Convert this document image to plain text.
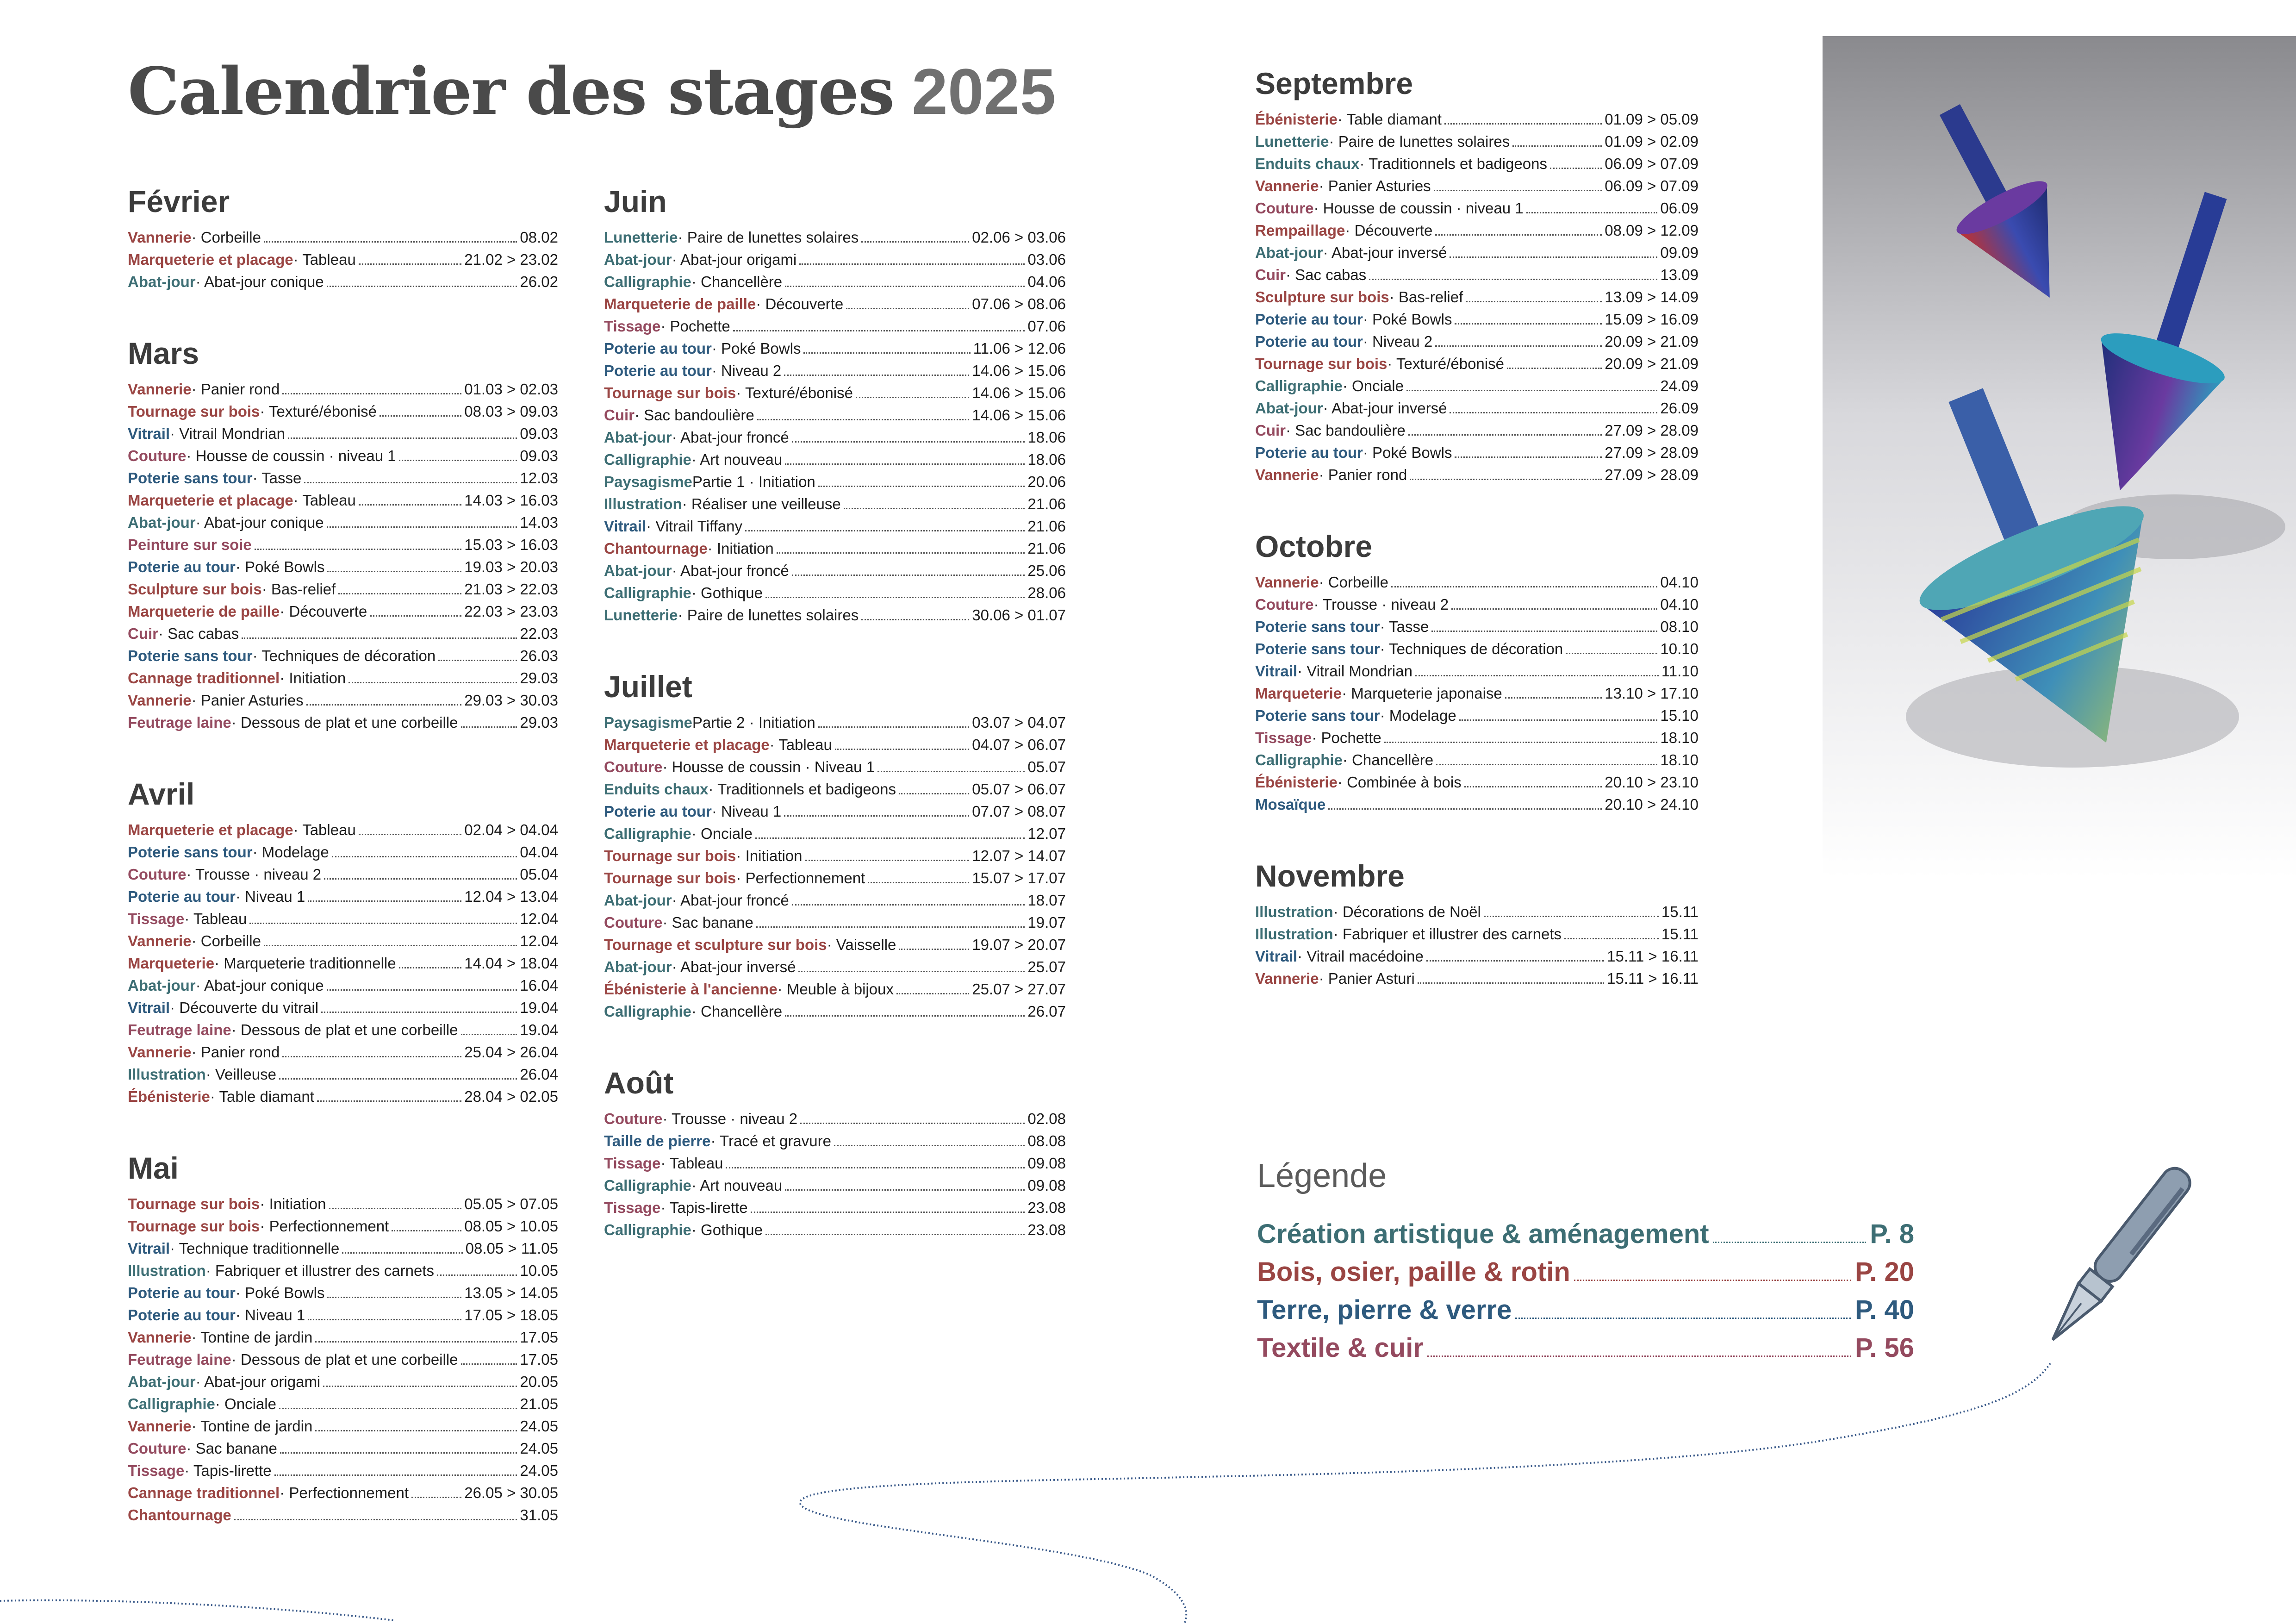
Calendrier des stages 2025
Février
Vannerie · Corbeille	08.02
Marqueterie et placage · Tableau	21.02 > 23.02
Abat-jour · Abat-jour conique	26.02
Mars
Vannerie · Panier rond	01.03 > 02.03
Tournage sur bois · Texturé/ébonisé	08.03 > 09.03
Vitrail · Vitrail Mondrian	09.03
Couture · Housse de coussin · niveau 1	09.03
Poterie sans tour · Tasse	12.03
Marqueterie et placage · Tableau	14.03 > 16.03
Abat-jour · Abat-jour conique	14.03
Peinture sur soie	15.03 > 16.03
Poterie au tour · Poké Bowls	19.03 > 20.03
Sculpture sur bois · Bas-relief	21.03 > 22.03
Marqueterie de paille · Découverte	22.03 > 23.03
Cuir · Sac cabas	22.03
Poterie sans tour · Techniques de décoration	26.03
Cannage traditionnel · Initiation	29.03
Vannerie · Panier Asturies	29.03 > 30.03
Feutrage laine · Dessous de plat et une corbeille	29.03
Avril
Marqueterie et placage · Tableau	02.04 > 04.04
Poterie sans tour · Modelage	04.04
Couture · Trousse · niveau 2	05.04
Poterie au tour · Niveau 1	12.04 > 13.04
Tissage · Tableau	12.04
Vannerie · Corbeille	12.04
Marqueterie · Marqueterie traditionnelle	14.04 > 18.04
Abat-jour · Abat-jour conique	16.04
Vitrail · Découverte du vitrail	19.04
Feutrage laine · Dessous de plat et une corbeille	19.04
Vannerie · Panier rond	25.04 > 26.04
Illustration · Veilleuse	26.04
Ébénisterie · Table diamant	28.04 > 02.05
Mai
Tournage sur bois · Initiation	05.05 > 07.05
Tournage sur bois · Perfectionnement	08.05 > 10.05
Vitrail · Technique traditionnelle	08.05 > 11.05
Illustration · Fabriquer et illustrer des carnets	10.05
Poterie au tour · Poké Bowls	13.05 > 14.05
Poterie au tour · Niveau 1	17.05 > 18.05
Vannerie · Tontine de jardin	17.05
Feutrage laine · Dessous de plat et une corbeille	17.05
Abat-jour · Abat-jour origami	20.05
Calligraphie · Onciale	21.05
Vannerie · Tontine de jardin	24.05
Couture · Sac banane	24.05
Tissage · Tapis-lirette	24.05
Cannage traditionnel · Perfectionnement	26.05 > 30.05
Chantournage	31.05
Juin
Lunetterie · Paire de lunettes solaires	02.06 > 03.06
Abat-jour · Abat-jour origami	03.06
Calligraphie · Chancellère	04.06
Marqueterie de paille · Découverte	07.06 > 08.06
Tissage · Pochette	07.06
Poterie au tour · Poké Bowls	11.06 > 12.06
Poterie au tour · Niveau 2	14.06 > 15.06
Tournage sur bois · Texturé/ébonisé	14.06 > 15.06
Cuir · Sac bandoulière	14.06 > 15.06
Abat-jour · Abat-jour froncé	18.06
Calligraphie · Art nouveau	18.06
Paysagisme Partie 1 · Initiation	20.06
Illustration · Réaliser une veilleuse	21.06
Vitrail · Vitrail Tiffany	21.06
Chantournage · Initiation	21.06
Abat-jour · Abat-jour froncé	25.06
Calligraphie · Gothique	28.06
Lunetterie · Paire de lunettes solaires	30.06 > 01.07
Juillet
Paysagisme Partie 2 · Initiation	03.07 > 04.07
Marqueterie et placage · Tableau	04.07 > 06.07
Couture · Housse de coussin · Niveau 1	05.07
Enduits chaux · Traditionnels et badigeons	05.07 > 06.07
Poterie au tour · Niveau 1	07.07 > 08.07
Calligraphie · Onciale	12.07
Tournage sur bois · Initiation	12.07 > 14.07
Tournage sur bois · Perfectionnement	15.07 > 17.07
Abat-jour · Abat-jour froncé	18.07
Couture · Sac banane	19.07
Tournage et sculpture sur bois · Vaisselle	19.07 > 20.07
Abat-jour · Abat-jour inversé	25.07
Ébénisterie à l'ancienne · Meuble à bijoux	25.07 > 27.07
Calligraphie · Chancellère	26.07
Août
Couture · Trousse · niveau 2	02.08
Taille de pierre · Tracé et gravure	08.08
Tissage · Tableau	09.08
Calligraphie · Art nouveau	09.08
Tissage · Tapis-lirette	23.08
Calligraphie · Gothique	23.08
Septembre
Ébénisterie · Table diamant	01.09 > 05.09
Lunetterie · Paire de lunettes solaires	01.09 > 02.09
Enduits chaux · Traditionnels et badigeons	06.09 > 07.09
Vannerie · Panier Asturies	06.09 > 07.09
Couture · Housse de coussin · niveau 1	06.09
Rempaillage · Découverte	08.09 > 12.09
Abat-jour · Abat-jour inversé	09.09
Cuir · Sac cabas	13.09
Sculpture sur bois · Bas-relief	13.09 > 14.09
Poterie au tour · Poké Bowls	15.09 > 16.09
Poterie au tour · Niveau 2	20.09 > 21.09
Tournage sur bois · Texturé/ébonisé	20.09 > 21.09
Calligraphie · Onciale	24.09
Abat-jour · Abat-jour inversé	26.09
Cuir · Sac bandoulière	27.09 > 28.09
Poterie au tour · Poké Bowls	27.09 > 28.09
Vannerie · Panier rond	27.09 > 28.09
Octobre
Vannerie · Corbeille	04.10
Couture · Trousse · niveau 2	04.10
Poterie sans tour · Tasse	08.10
Poterie sans tour · Techniques de décoration	10.10
Vitrail · Vitrail Mondrian	11.10
Marqueterie · Marqueterie japonaise	13.10 > 17.10
Poterie sans tour · Modelage	15.10
Tissage · Pochette	18.10
Calligraphie · Chancellère	18.10
Ébénisterie · Combinée à bois	20.10 > 23.10
Mosaïque	20.10 > 24.10
Novembre
Illustration · Décorations de Noël	15.11
Illustration · Fabriquer et illustrer des carnets	15.11
Vitrail · Vitrail macédoine	15.11 > 16.11
Vannerie · Panier Asturi	15.11 > 16.11
Légende
Création artistique & aménagement	P. 8
Bois, osier, paille & rotin	P. 20
Terre, pierre & verre	P. 40
Textile & cuir	P. 56
